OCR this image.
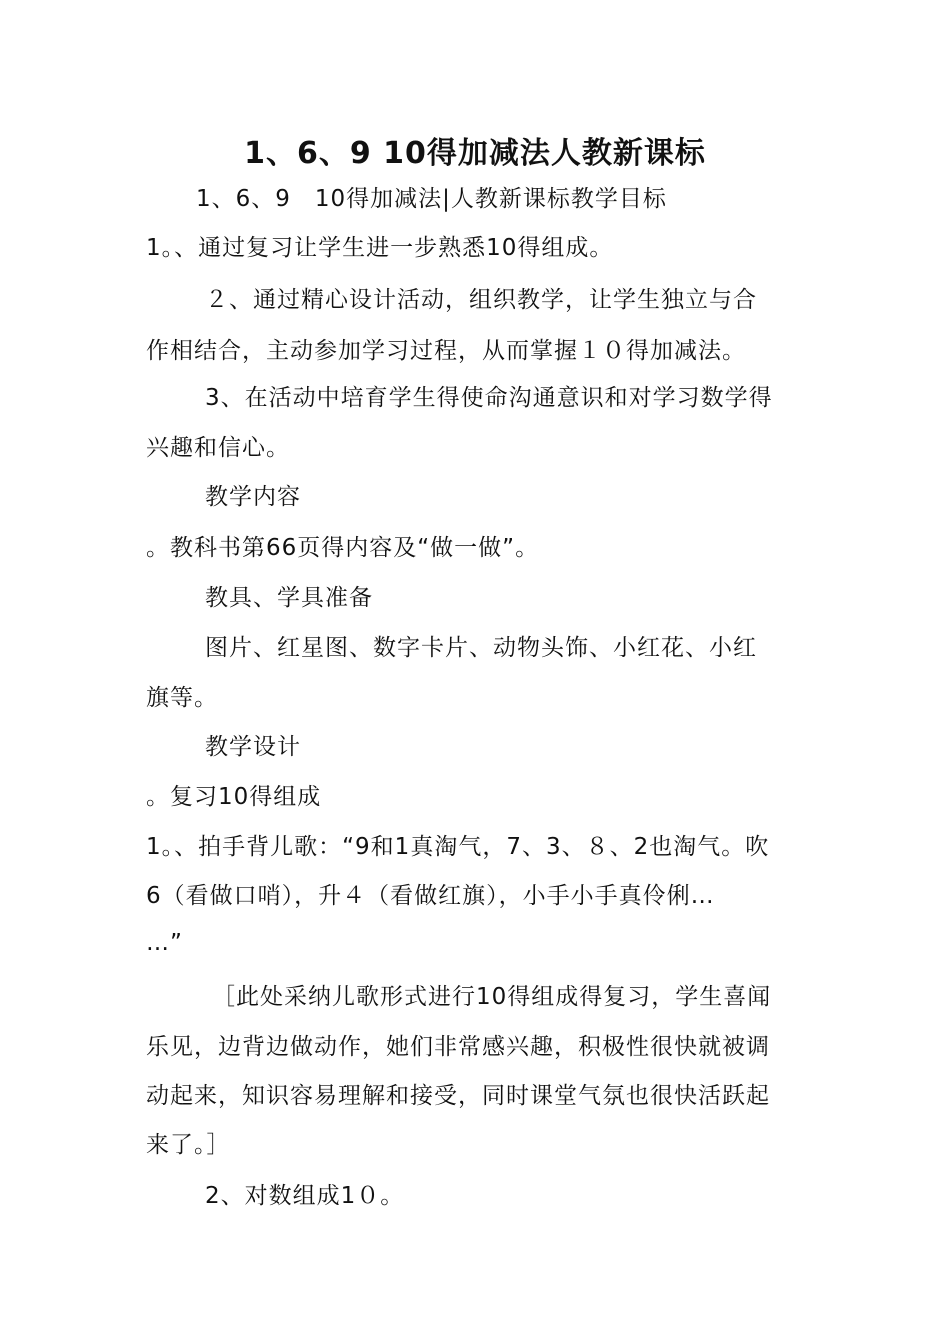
1、6、9 10得加减法人教新课标
1、6、9　10得加减法|人教新课标教学目标
1。、通过复习让学生进一步熟悉10得组成。
２、通过精心设计活动，组织教学，让学生独立与合
作相结合，主动参加学习过程，从而掌握１０得加减法。
3、在活动中培育学生得使命沟通意识和对学习数学得
兴趣和信心。
教学内容
。教科书第66页得内容及“做一做”。
教具、学具准备
图片、红星图、数字卡片、动物头饰、小红花、小红
旗等。
教学设计
。复习10得组成
1。、拍手背儿歌：“9和1真淘气，7、3、８、2也淘气。吹
6（看做口哨），升４（看做红旗），小手小手真伶俐…
…”
［此处采纳儿歌形式进行10得组成得复习，学生喜闻
乐见，边背边做动作，她们非常感兴趣，积极性很快就被调
动起来，知识容易理解和接受，同时课堂气氛也很快活跃起
来了。］
2、对数组成1０。
